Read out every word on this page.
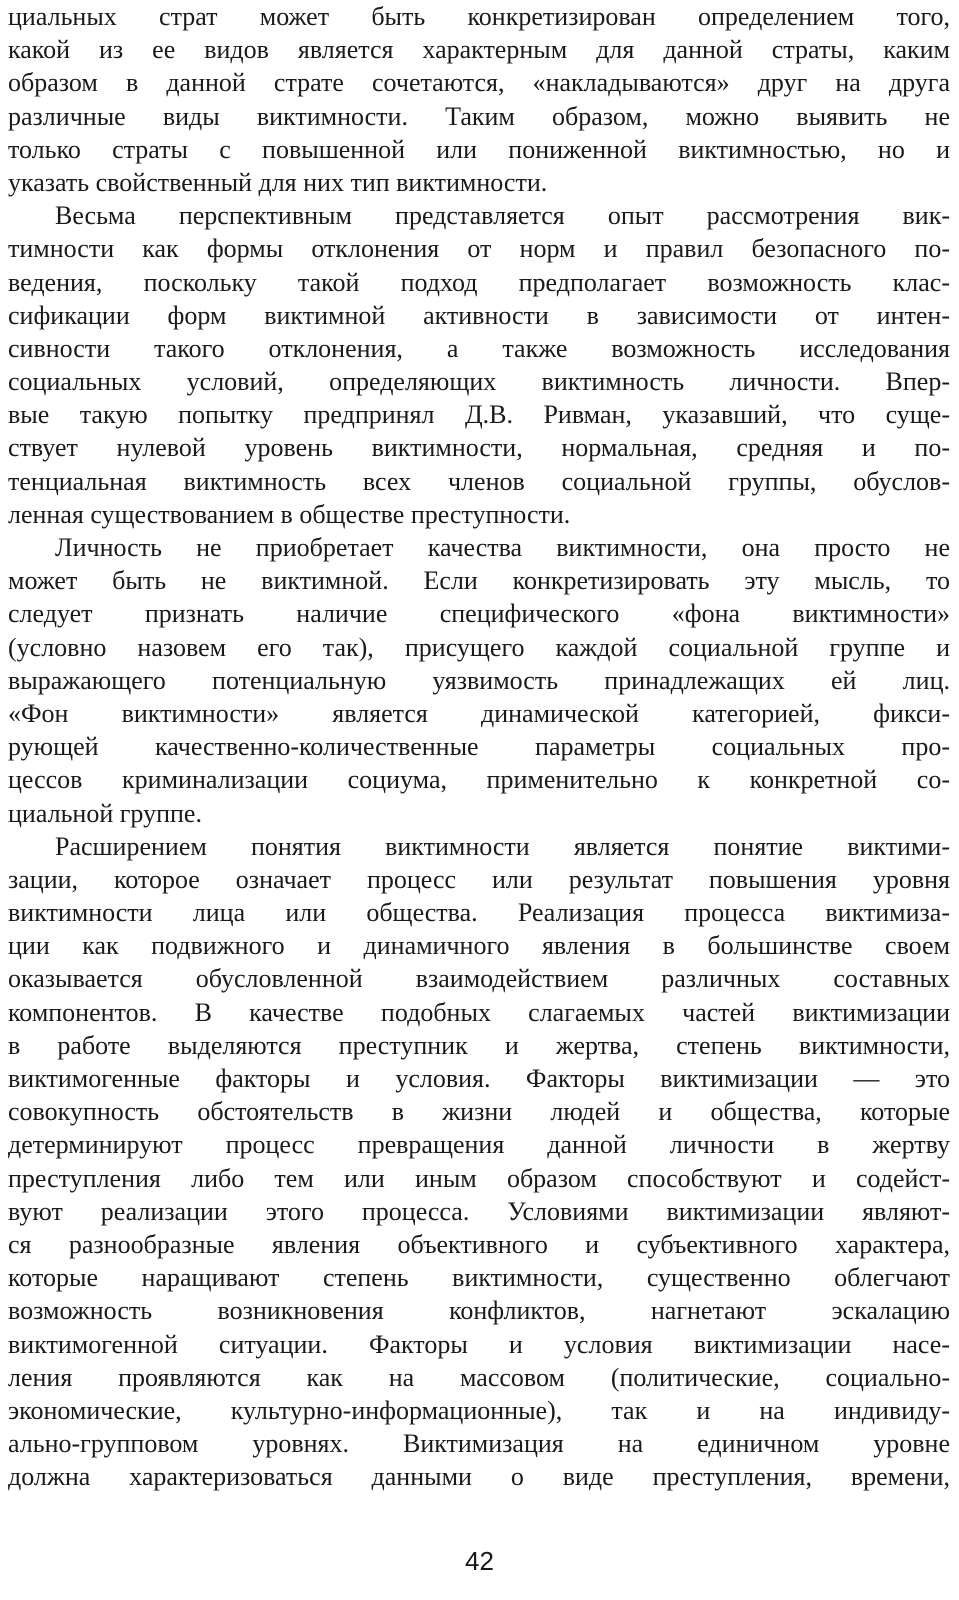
циальных страт может быть конкретизирован определением того,
какой из ее видов является характерным для данной страты, каким
образом в данной страте сочетаются, «накладываются» друг на друга
различные виды виктимности. Таким образом, можно выявить не
только страты с повышенной или пониженной виктимностью, но и
указать свойственный для них тип виктимности.
Весьма перспективным представляется опыт рассмотрения вик-
тимности как формы отклонения от норм и правил безопасного по-
ведения, поскольку такой подход предполагает возможность клас-
сификации форм виктимной активности в зависимости от интен-
сивности такого отклонения, а также возможность исследования
социальных условий, определяющих виктимность личности. Впер-
вые такую попытку предпринял Д.В. Ривман, указавший, что суще-
ствует нулевой уровень виктимности, нормальная, средняя и по-
тенциальная виктимность всех членов социальной группы, обуслов-
ленная существованием в обществе преступности.
Личность не приобретает качества виктимности, она просто не
может быть не виктимной. Если конкретизировать эту мысль, то
следует признать наличие специфического «фона виктимности»
(условно назовем его так), присущего каждой социальной группе и
выражающего потенциальную уязвимость принадлежащих ей лиц.
«Фон виктимности» является динамической категорией, фикси-
рующей качественно-количественные параметры социальных про-
цессов криминализации социума, применительно к конкретной со-
циальной группе.
Расширением понятия виктимности является понятие виктими-
зации, которое означает процесс или результат повышения уровня
виктимности лица или общества. Реализация процесса виктимиза-
ции как подвижного и динамичного явления в большинстве своем
оказывается обусловленной взаимодействием различных составных
компонентов. В качестве подобных слагаемых частей виктимизации
в работе выделяются преступник и жертва, степень виктимности,
виктимогенные факторы и условия. Факторы виктимизации — это
совокупность обстоятельств в жизни людей и общества, которые
детерминируют процесс превращения данной личности в жертву
преступления либо тем или иным образом способствуют и содейст-
вуют реализации этого процесса. Условиями виктимизации являют-
ся разнообразные явления объективного и субъективного характера,
которые наращивают степень виктимности, существенно облегчают
возможность возникновения конфликтов, нагнетают эскалацию
виктимогенной ситуации. Факторы и условия виктимизации насе-
ления проявляются как на массовом (политические, социально-
экономические, культурно-информационные), так и на индивиду-
ально-групповом уровнях. Виктимизация на единичном уровне
должна характеризоваться данными о виде преступления, времени,
42
